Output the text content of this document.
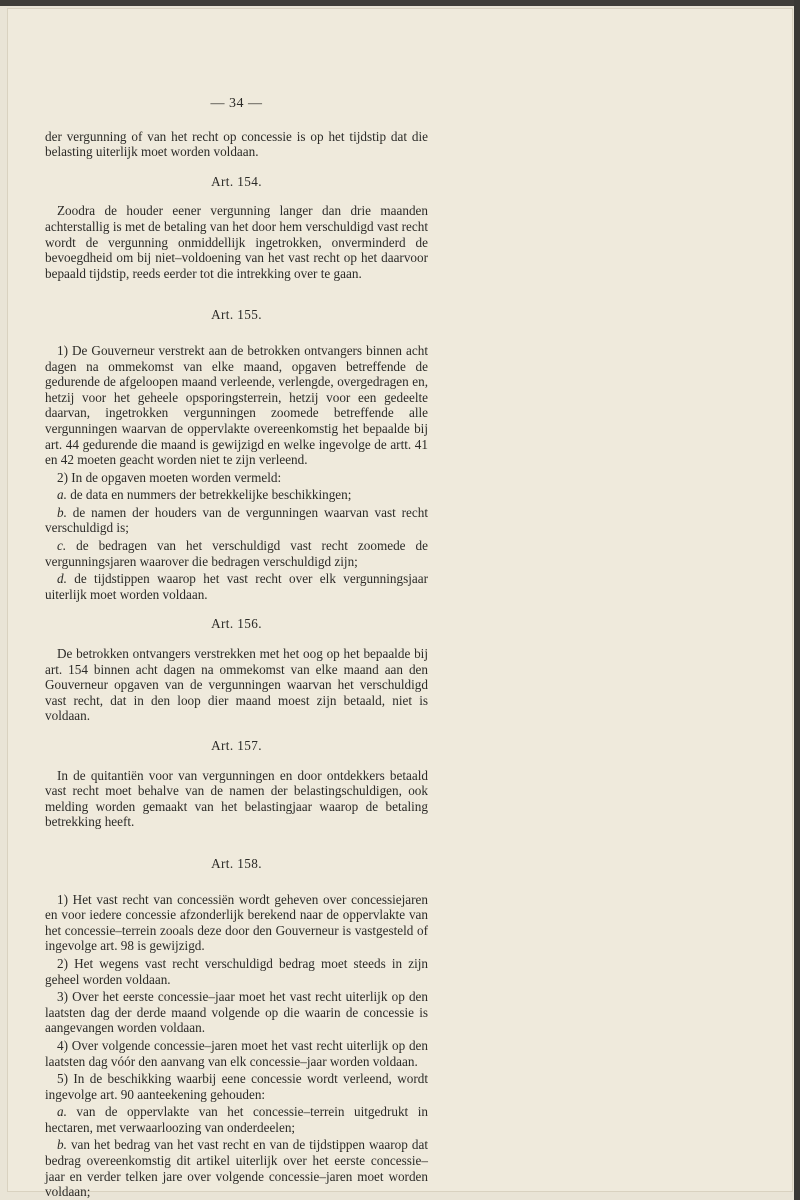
— 34 —

der vergunning of van het recht op concessie is op het tijdstip dat die belasting uiterlijk moet worden voldaan.

Art. 154.

Zoodra de houder eener vergunning langer dan drie maanden achterstallig is met de betaling van het door hem verschuldigd vast recht wordt de vergunning onmiddellijk ingetrokken, onverminderd de bevoegdheid om bij niet–voldoening van het vast recht op het daarvoor bepaald tijdstip, reeds eerder tot die intrekking over te gaan.

Art. 155.

1) De Gouverneur verstrekt aan de betrokken ontvangers binnen acht dagen na ommekomst van elke maand, opgaven betreffende de gedurende de afgeloopen maand verleende, verlengde, overgedragen en, hetzij voor het geheele opsporingsterrein, hetzij voor een gedeelte daarvan, ingetrokken vergunningen zoomede betreffende alle vergunningen waarvan de oppervlakte overeenkomstig het bepaalde bij art. 44 gedurende die maand is gewijzigd en welke ingevolge de artt. 41 en 42 moeten geacht worden niet te zijn verleend.

2) In de opgaven moeten worden vermeld:

a. de data en nummers der betrekkelijke beschikkingen;

b. de namen der houders van de vergunningen waarvan vast recht verschuldigd is;

c. de bedragen van het verschuldigd vast recht zoomede de vergunningsjaren waarover die bedragen verschuldigd zijn;

d. de tijdstippen waarop het vast recht over elk vergunningsjaar uiterlijk moet worden voldaan.

Art. 156.

De betrokken ontvangers verstrekken met het oog op het bepaalde bij art. 154 binnen acht dagen na ommekomst van elke maand aan den Gouverneur opgaven van de vergunningen waarvan het verschuldigd vast recht, dat in den loop dier maand moest zijn betaald, niet is voldaan.

Art. 157.

In de quitantiën voor van vergunningen en door ontdekkers betaald vast recht moet behalve van de namen der belastingschuldigen, ook melding worden gemaakt van het belastingjaar waarop de betaling betrekking heeft.

Art. 158.

1) Het vast recht van concessiën wordt geheven over concessiejaren en voor iedere concessie afzonderlijk berekend naar de oppervlakte van het concessie–terrein zooals deze door den Gouverneur is vastgesteld of ingevolge art. 98 is gewijzigd.

2) Het wegens vast recht verschuldigd bedrag moet steeds in zijn geheel worden voldaan.

3) Over het eerste concessie–jaar moet het vast recht uiterlijk op den laatsten dag der derde maand volgende op die waarin de concessie is aangevangen worden voldaan.

4) Over volgende concessie–jaren moet het vast recht uiterlijk op den laatsten dag vóór den aanvang van elk concessie–jaar worden voldaan.

5) In de beschikking waarbij eene concessie wordt verleend, wordt ingevolge art. 90 aanteekening gehouden:

a. van de oppervlakte van het concessie–terrein uitgedrukt in hectaren, met verwaarloozing van onderdeelen;

b. van het bedrag van het vast recht en van de tijdstippen waarop dat bedrag overeenkomstig dit artikel uiterlijk over het eerste concessie–jaar en verder telken jare over volgende concessie–jaren moet worden voldaan;
